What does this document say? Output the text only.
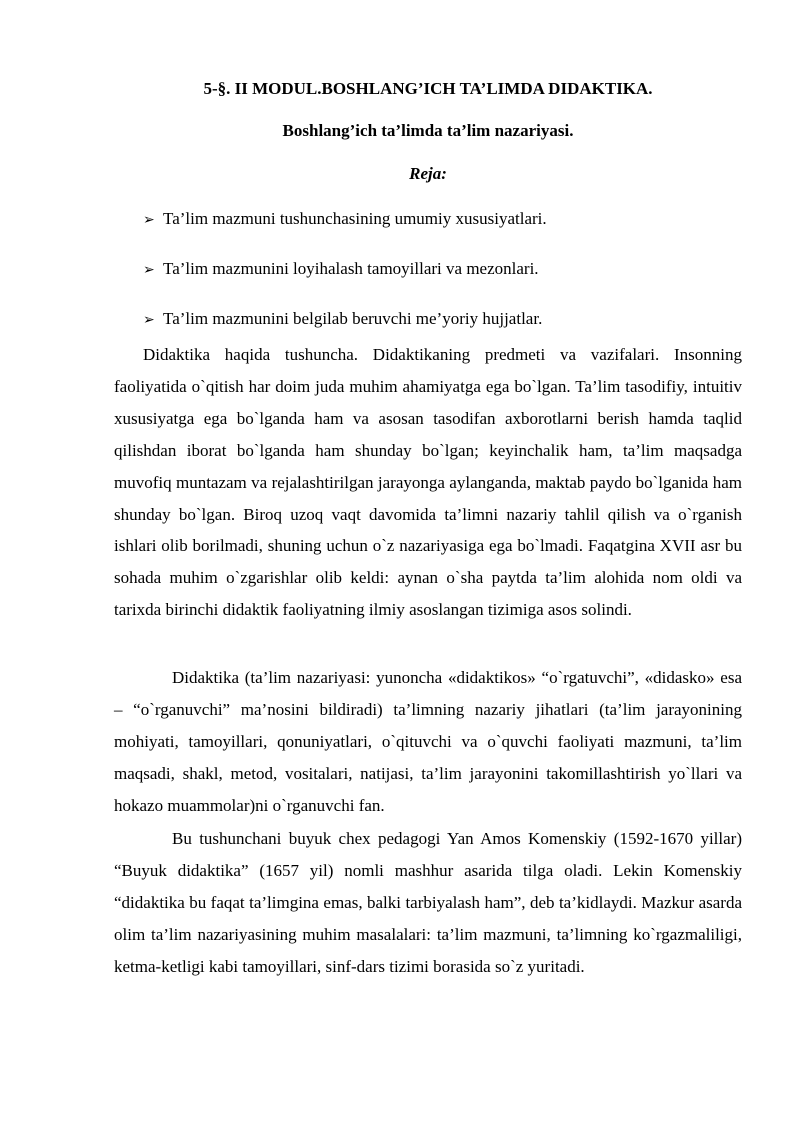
5-§. II MODUL.BOSHLANG’ICH TA’LIMDA DIDAKTIKA.

Boshlang’ich ta’limda ta’lim nazariyasi.

Reja:

➢ Ta’lim mazmuni tushunchasining umumiy xususiyatlari.

➢ Ta’lim mazmunini loyihalash tamoyillari va mezonlari.

➢ Ta’lim mazmunini belgilab beruvchi me’yoriy hujjatlar.

Didaktika haqida tushuncha. Didaktikaning predmeti va vazifalari. Insonning faoliyatida o`qitish har doim juda muhim ahamiyatga ega bo`lgan. Ta’lim tasodifiy, intuitiv xususiyatga ega bo`lganda ham va asosan tasodifan axborotlarni berish hamda taqlid qilishdan iborat bo`lganda ham shunday bo`lgan; keyinchalik ham, ta’lim maqsadga muvofiq muntazam va rejalashtirilgan jarayonga aylanganda, maktab paydo bo`lganida ham shunday bo`lgan. Biroq uzoq vaqt davomida ta’limni nazariy tahlil qilish va o`rganish ishlari olib borilmadi, shuning uchun o`z nazariyasiga ega bo`lmadi. Faqatgina XVII asr bu sohada muhim o`zgarishlar olib keldi: aynan o`sha paytda ta’lim alohida nom oldi va tarixda birinchi didaktik faoliyatning ilmiy asoslangan tizimiga asos solindi.

Didaktika (ta’lim nazariyasi: yunoncha «didaktikos» “o`rgatuvchi”, «didasko» esa – “o`rganuvchi” ma’nosini bildiradi) ta’limning nazariy jihatlari (ta’lim jarayonining mohiyati, tamoyillari, qonuniyatlari, o`qituvchi va o`quvchi faoliyati mazmuni, ta’lim maqsadi, shakl, metod, vositalari, natijasi, ta’lim jarayonini takomillashtirish yo`llari va hokazo muammolar)ni o`rganuvchi fan.

Bu tushunchani buyuk chex pedagogi Yan Amos Komenskiy (1592-1670 yillar) “Buyuk didaktika” (1657 yil) nomli mashhur asarida tilga oladi. Lekin Komenskiy “didaktika bu faqat ta’limgina emas, balki tarbiyalash ham”, deb ta’kidlaydi. Mazkur asarda olim ta’lim nazariyasining muhim masalalari: ta’lim mazmuni, ta’limning ko`rgazmaliligi, ketma-ketligi kabi tamoyillari, sinf-dars tizimi borasida so`z yuritadi.
